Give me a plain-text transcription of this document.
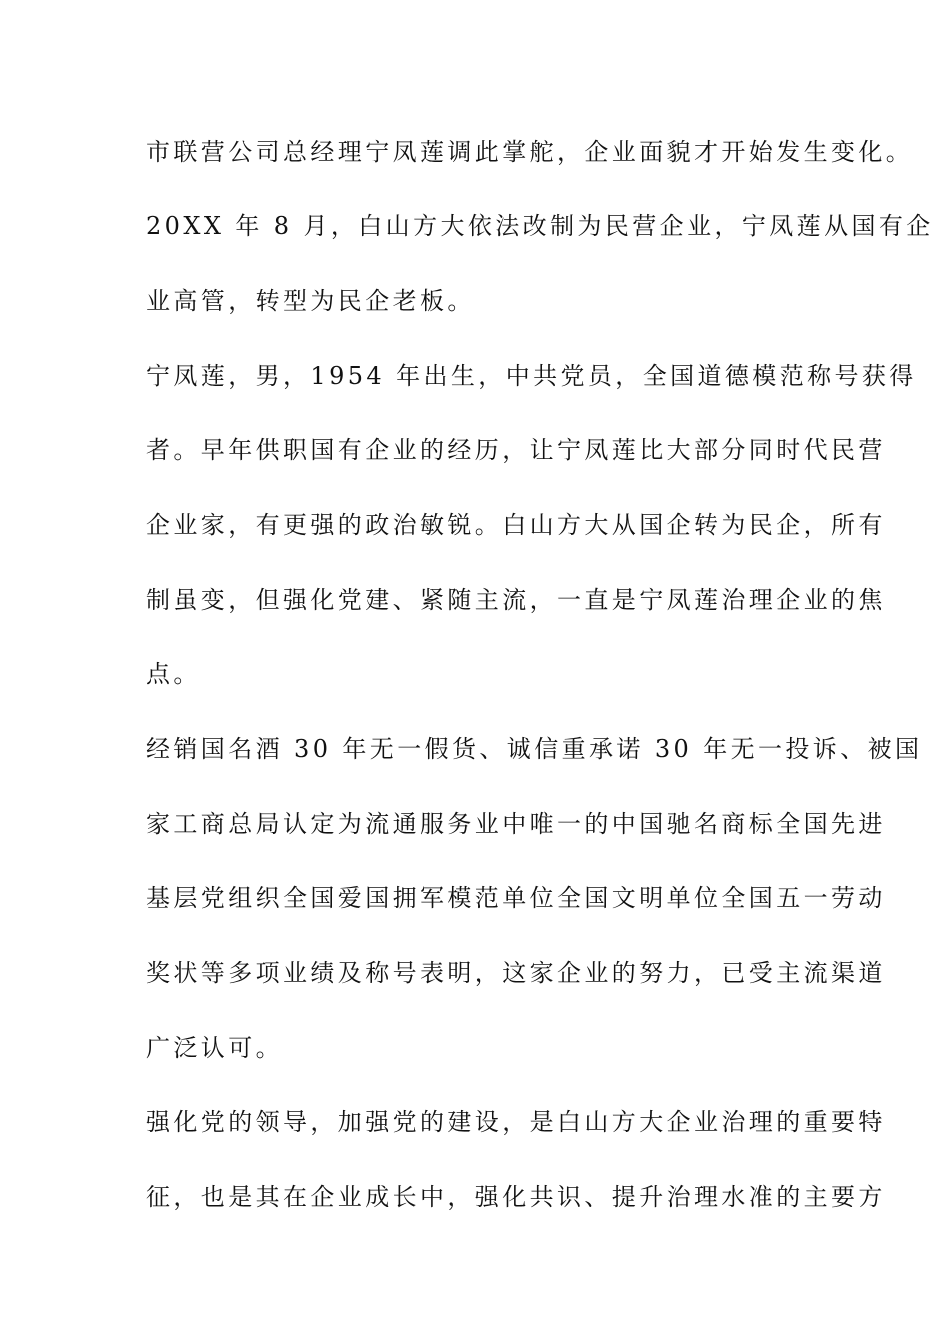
市联营公司总经理宁凤莲调此掌舵，企业面貌才开始发生变化。
20XX 年 8 月，白山方大依法改制为民营企业，宁凤莲从国有企
业高管，转型为民企老板。
宁凤莲，男，1954 年出生，中共党员，全国道德模范称号获得
者。早年供职国有企业的经历，让宁凤莲比大部分同时代民营
企业家，有更强的政治敏锐。白山方大从国企转为民企，所有
制虽变，但强化党建、紧随主流，一直是宁凤莲治理企业的焦
点。
经销国名酒 30 年无一假货、诚信重承诺 30 年无一投诉、被国
家工商总局认定为流通服务业中唯一的中国驰名商标全国先进
基层党组织全国爱国拥军模范单位全国文明单位全国五一劳动
奖状等多项业绩及称号表明，这家企业的努力，已受主流渠道
广泛认可。
强化党的领导，加强党的建设，是白山方大企业治理的重要特
征，也是其在企业成长中，强化共识、提升治理水准的主要方
